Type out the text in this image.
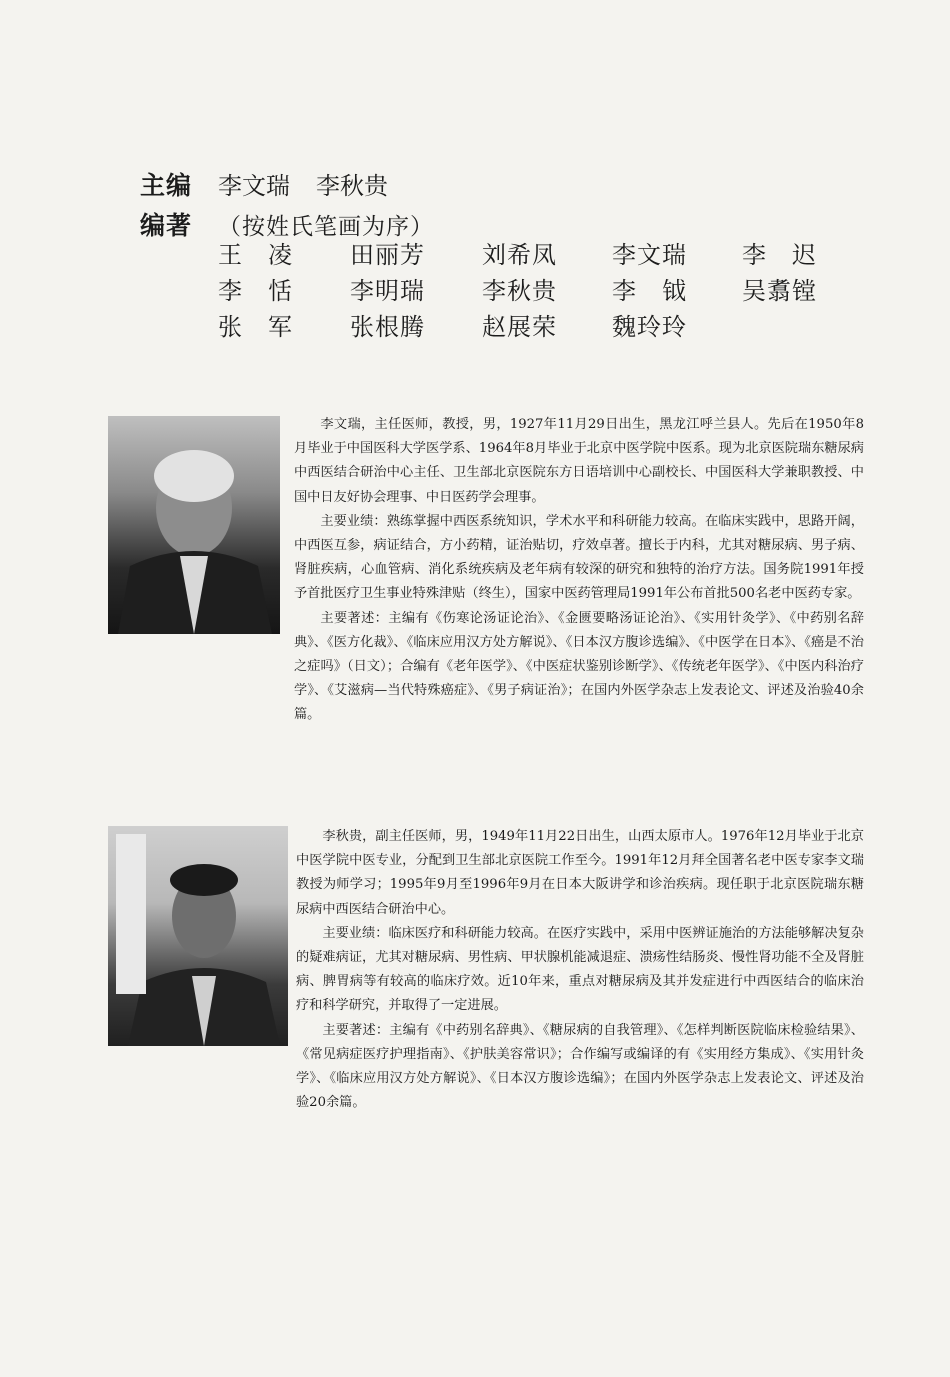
主编	李文瑞 李秋贵
编著	（按姓氏笔画为序）
王　凌	田丽芳	刘希凤	李文瑞	李　迟
李　恬	李明瑞	李秋贵	李　钺	吴翥镗
张　军	张根腾	赵展荣	魏玲玲

李文瑞，主任医师，教授，男，1927年11月29日出生，黑龙江呼兰县人。先后在1950年8月毕业于中国医科大学医学系、1964年8月毕业于北京中医学院中医系。现为北京医院瑞东糖尿病中西医结合研治中心主任、卫生部北京医院东方日语培训中心副校长、中国医科大学兼职教授、中国中日友好协会理事、中日医药学会理事。

主要业绩：熟练掌握中西医系统知识，学术水平和科研能力较高。在临床实践中，思路开阔，中西医互参，病证结合，方小药精，证治贴切，疗效卓著。擅长于内科，尤其对糖尿病、男子病、肾脏疾病，心血管病、消化系统疾病及老年病有较深的研究和独特的治疗方法。国务院1991年授予首批医疗卫生事业特殊津贴（终生），国家中医药管理局1991年公布首批500名老中医药专家。

主要著述：主编有《伤寒论汤证论治》、《金匮要略汤证论治》、《实用针灸学》、《中药别名辞典》、《医方化裁》、《临床应用汉方处方解说》、《日本汉方腹诊选编》、《中医学在日本》、《癌是不治之症吗》（日文）；合编有《老年医学》、《中医症状鉴别诊断学》、《传统老年医学》、《中医内科治疗学》、《艾滋病—当代特殊癌症》、《男子病证治》；在国内外医学杂志上发表论文、评述及治验40余篇。

李秋贵，副主任医师，男，1949年11月22日出生，山西太原市人。1976年12月毕业于北京中医学院中医专业，分配到卫生部北京医院工作至今。1991年12月拜全国著名老中医专家李文瑞教授为师学习；1995年9月至1996年9月在日本大阪讲学和诊治疾病。现任职于北京医院瑞东糖尿病中西医结合研治中心。

主要业绩：临床医疗和科研能力较高。在医疗实践中，采用中医辨证施治的方法能够解决复杂的疑难病证，尤其对糖尿病、男性病、甲状腺机能减退症、溃疡性结肠炎、慢性肾功能不全及肾脏病、脾胃病等有较高的临床疗效。近10年来，重点对糖尿病及其并发症进行中西医结合的临床治疗和科学研究，并取得了一定进展。

主要著述：主编有《中药别名辞典》、《糖尿病的自我管理》、《怎样判断医院临床检验结果》、《常见病症医疗护理指南》、《护肤美容常识》；合作编写或编译的有《实用经方集成》、《实用针灸学》、《临床应用汉方处方解说》、《日本汉方腹诊选编》；在国内外医学杂志上发表论文、评述及治验20余篇。
